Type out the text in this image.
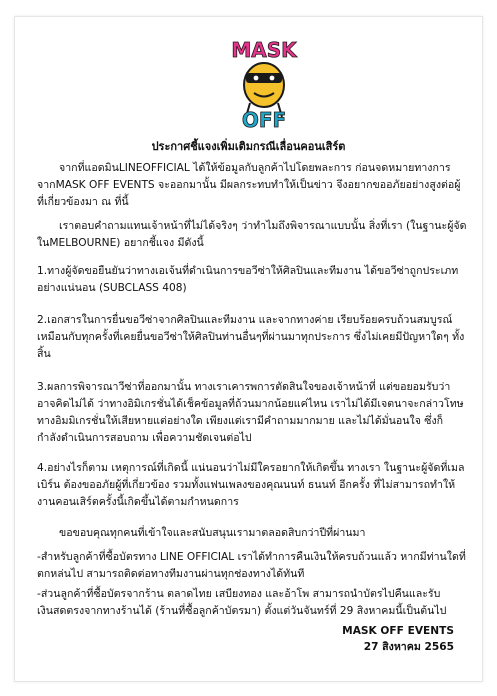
MASK
OFF
ประกาศชี้แจงเพิ่มเติมกรณีเลื่อนคอนเสิร์ต

จากที่แอดมินLINEOFFICIAL ได้ให้ข้อมูลกับลูกค้าไปโดยพละการ ก่อนจดหมายทางการจากMASK OFF EVENTS จะออกมานั้น มีผลกระทบทำให้เป็นข่าว จึงอยากขออภัยอย่างสูงต่อผู้ที่เกี่ยวข้องมา ณ ที่นี้

เราตอบคำถามแทนเจ้าหน้าที่ไม่ได้จริงๆ ว่าทำไมถึงพิจารณาแบบนั้น สิ่งที่เรา (ในฐานะผู้จัดในMELBOURNE) อยากชี้แจง มีดังนี้

1.ทางผู้จัดขอยืนยันว่าทางเอเจ้นที่ดำเนินการขอวีซ่าให้ศิลปินและทีมงาน ได้ขอวีซ่าถูกประเภทอย่างแน่นอน (SUBCLASS 408)

2.เอกสารในการยื่นขอวีซ่าจากศิลปินและทีมงาน และจากทางค่าย เรียบร้อยครบถ้วนสมบูรณ์ เหมือนกับทุกครั้งที่เคยยื่นขอวีซ่าให้ศิลปินท่านอื่นๆที่ผ่านมาทุกประการ ซึ่งไม่เคยมีปัญหาใดๆ ทั้งสิ้น

3.ผลการพิจารณาวีซ่าที่ออกมานั้น ทางเราเคารพการตัดสินใจของเจ้าหน้าที่ แต่ขอยอมรับว่าอาจคิดไม่ได้ ว่าทางอิมิเกรชั่นได้เช็คข้อมูลที่ถ้วนมากน้อยแค่ไหน เราไม่ได้มีเจตนาจะกล่าวโทษทางอิมมิเกรชั่นให้เสียหายแต่อย่างใด เพียงแต่เรามีคำถามมากมาย และไม่ได้มั่นอนใจ ซึ่งก็กำลังดำเนินการสอบถาม เพื่อความชัดเจนต่อไป

4.อย่างไรก็ตาม เหตุการณ์ที่เกิดนี้ แน่นอนว่าไม่มีใครอยากให้เกิดขึ้น ทางเรา ในฐานะผู้จัดที่เมลเบิร์น ต้องขออภัยผู้ที่เกี่ยวข้อง รวมทั้งแฟนเพลงของคุณนนท์ ธนนท์ อีกครั้ง ที่ไม่สามารถทำให้งานคอนเสิร์ตครั้งนี้เกิดขึ้นได้ตามกำหนดการ

ขอขอบคุณทุกคนที่เข้าใจและสนับสนุนเรามาตลอดสิบกว่าปีที่ผ่านมา

-สำหรับลูกค้าที่ซื้อบัตรทาง LINE OFFICIAL เราได้ทำการคืนเงินให้ครบถ้วนแล้ว หากมีท่านใดที่ตกหล่นไป สามารถติดต่อทางทีมงานผ่านทุกช่องทางได้ทันที

-ส่วนลูกค้าที่ซื้อบัตรจากร้าน ตลาดไทย เสบียงทอง และอ้าโพ สามารถนำบัตรไปคืนและรับเงินสดตรงจากทางร้านได้ (ร้านที่ซื้อลูกค้าบัตรมา) ตั้งแต่วันจันทร์ที่ 29 สิงหาคมนี้เป็นต้นไป

MASK OFF EVENTS
27 สิงหาคม 2565
